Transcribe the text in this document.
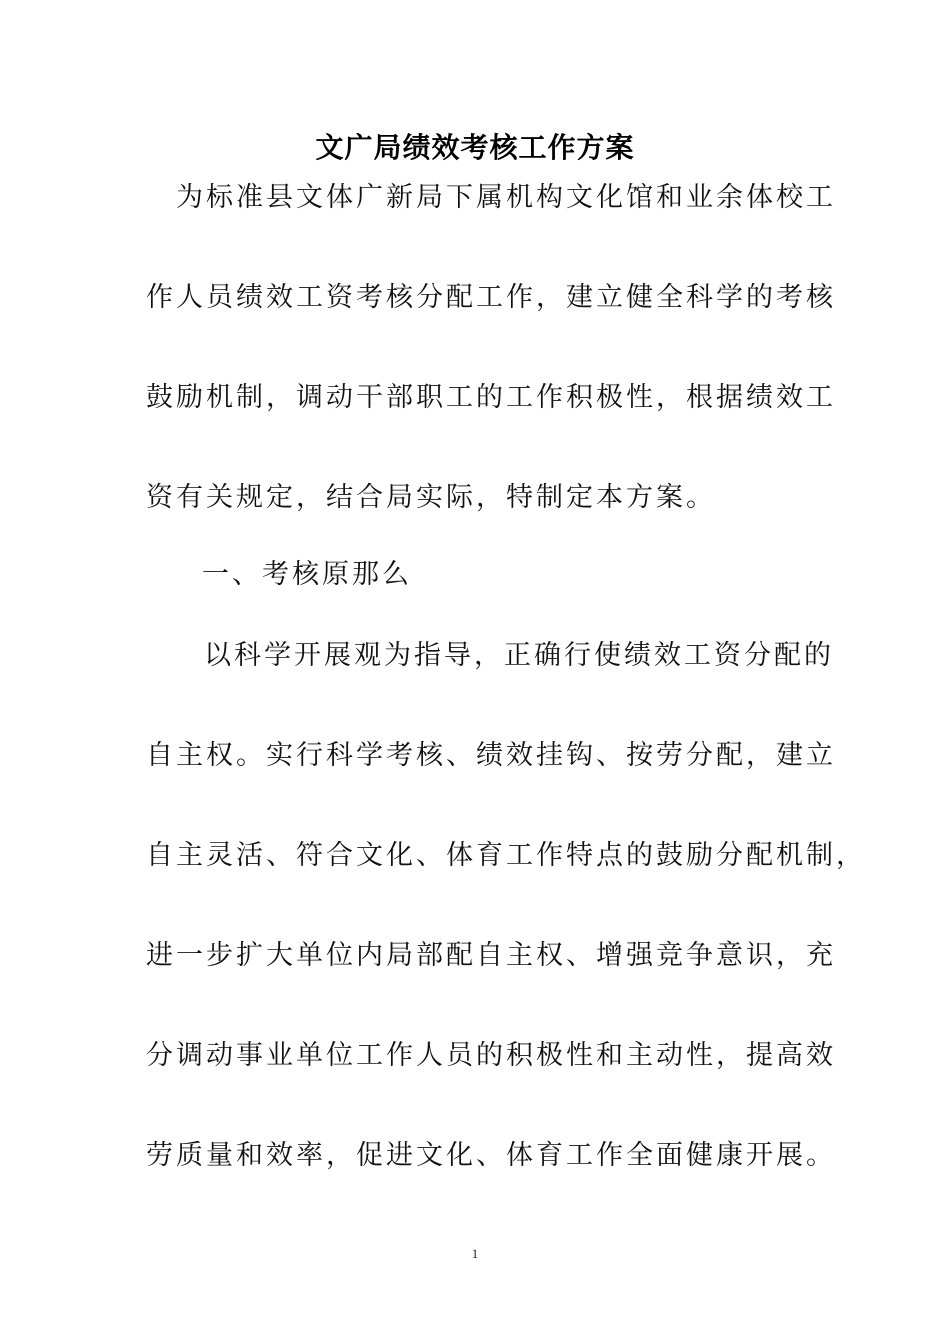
文广局绩效考核工作方案
为标准县文体广新局下属机构文化馆和业余体校工
作人员绩效工资考核分配工作，建立健全科学的考核
鼓励机制，调动干部职工的工作积极性，根据绩效工
资有关规定，结合局实际，特制定本方案。
一、考核原那么
以科学开展观为指导，正确行使绩效工资分配的
自主权。实行科学考核、绩效挂钩、按劳分配，建立
自主灵活、符合文化、体育工作特点的鼓励分配机制，
进一步扩大单位内局部配自主权、增强竞争意识，充
分调动事业单位工作人员的积极性和主动性，提高效
劳质量和效率，促进文化、体育工作全面健康开展。
1
